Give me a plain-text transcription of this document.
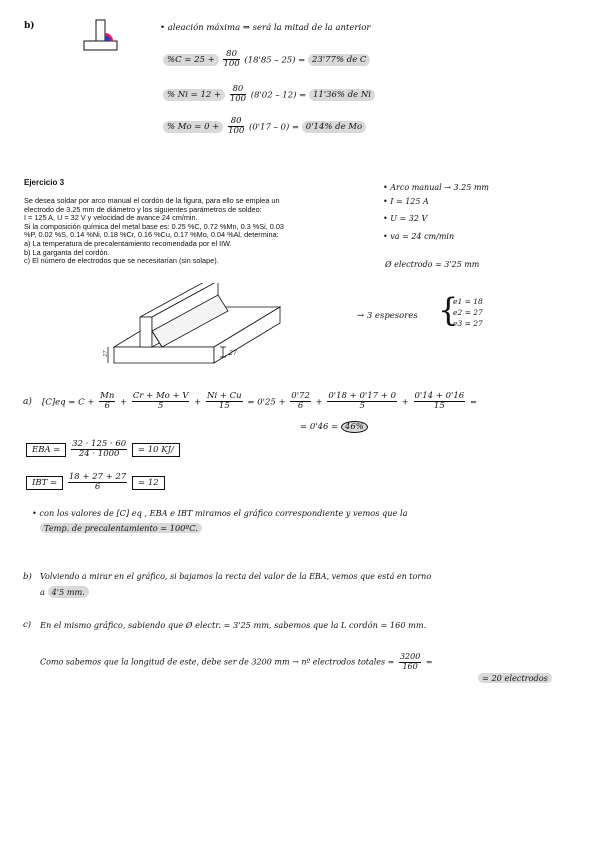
b)	• aleación máxima ⇒ será la mitad de la anterior
$\%C = 25 + \frac{80}{100} (18'85 - 25) = 23'77\%$ de C
% $Ni = 12 + \frac{80}{100} (8'02 - 12) = 11'36\%$ de Ni
% $Mo = 0 + \frac{80}{100} (0'17 - 0) = 0'14\%$ de Mo
Ejercicio 3
Se desea soldar por arco manual el cordón de la figura, para ello se emplea un
electrodo de 3.25 mm de diámetro y los siguientes parámetros de soldeo:
I = 125 A, U = 32 V y velocidad de avance 24 cm/min.
Si la composición química del metal base es: 0.25 %C, 0.72 %Mn, 0.3 %Si, 0.03
%P, 0.02 %S, 0.14 %Ni, 0.18 %Cr, 0.16 %Cu, 0.17 %Mo, 0.04 %Al, determina:
a) La temperatura de precalentamiento recomendada por el IIW.
b) La garganta del cordón.
c) El número de electrodos que se necesitarían (sin solape).
• Arco manual → 3.25 mm
• I = 125 A
• U = 32 V
• va = 24 cm/min
Ø electrodo = 3'25 mm
27	27
→ 3 espesores {
e1 = 18
e2 = 27
e3 = 27
a) $[C]eq = C + \frac{Mn}{6} + \frac{Cr + Mo + V}{5} + \frac{Ni + Cu}{15} = 0'25 + \frac{0'72}{6} + \frac{0'18 + 0'17 + 0}{5} + \frac{0'14 + 0'16}{15}$ =
= 0'46 = 46%
EBA = $\frac{32 \cdot 125 \cdot 60}{24 \cdot 1000} = 10$ KJ/
IBT = $\frac{18 + 27 + 27}{6} = 12$
• con los valores de [C] eq , EBA e IBT miramos el gráfico correspondiente y vemos que la
Temp. de precalentamiento = 100ºC.
b) Volviendo a mirar en el gráfico, si bajamos la recta del valor de la EBA, vemos que está en torno
a 4'5 mm.
c) En el mismo gráfico, sabiendo que Ø electr. = 3'25 mm, sabemos que la L cordón = 160 mm.
Como sabemos que la longitud de este, debe ser de 3200 mm → nº electrodos totales = $\frac{3200}{160}$ =
= 20 electrodos
